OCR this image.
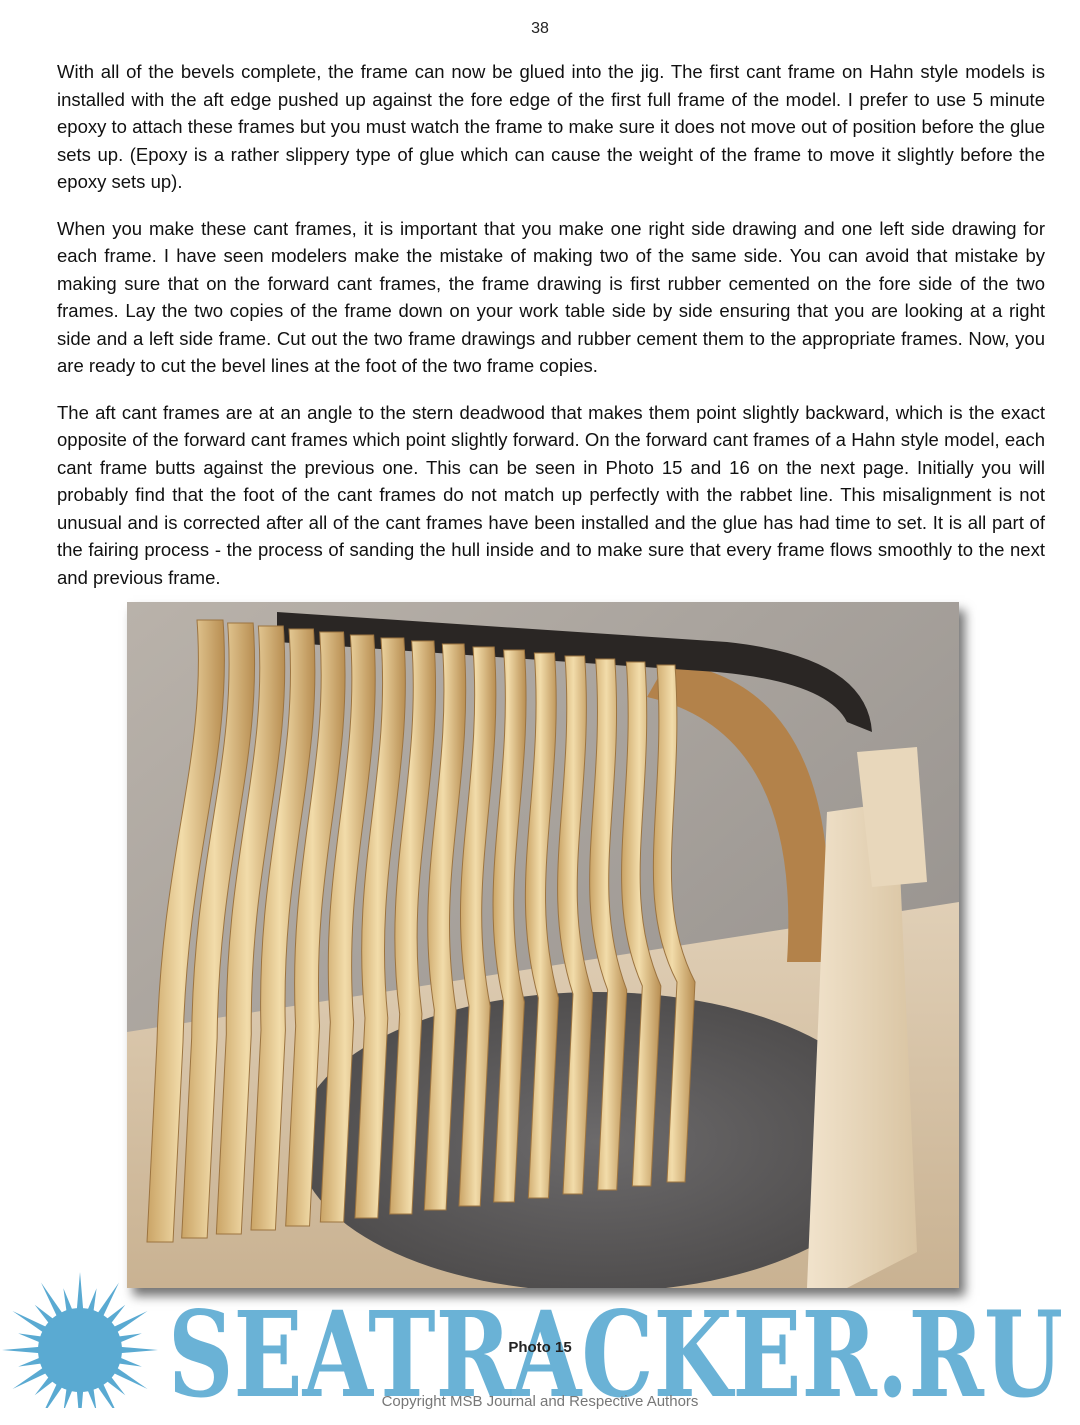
38

With all of the bevels complete, the frame can now be glued into the jig. The first cant frame on Hahn style models is installed with the aft edge pushed up against the fore edge of the first full frame of the model. I prefer to use 5 minute epoxy to attach these frames but you must watch the frame to make sure it does not move out of position before the glue sets up. (Epoxy is a rather slippery type of glue which can cause the weight of the frame to move it slightly before the epoxy sets up).

When you make these cant frames, it is important that you make one right side drawing and one left side drawing for each frame. I have seen modelers make the mistake of making two of the same side. You can avoid that mistake by making sure that on the forward cant frames, the frame drawing is first rubber cemented on the fore side of the two frames. Lay the two copies of the frame down on your work table side by side ensuring that you are looking at a right side and a left side frame. Cut out the two frame drawings and rubber cement them to the appropriate frames. Now, you are ready to cut the bevel lines at the foot of the two frame copies.

The aft cant frames are at an angle to the stern deadwood that makes them point slightly backward, which is the exact opposite of the forward cant frames which point slightly forward. On the forward cant frames of a Hahn style model, each cant frame butts against the previous one. This can be seen in Photo 15 and 16 on the next page. Initially you will probably find that the foot of the cant frames do not match up perfectly with the rabbet line. This misalignment is not unusual and is corrected after all of the cant frames have been installed and the glue has had time to set. It is all part of the fairing process - the process of sanding the hull inside and to make sure that every frame flows smoothly to the next and previous frame.

SEATRACKER.RU
Photo 15
Copyright MSB Journal and Respective Authors
